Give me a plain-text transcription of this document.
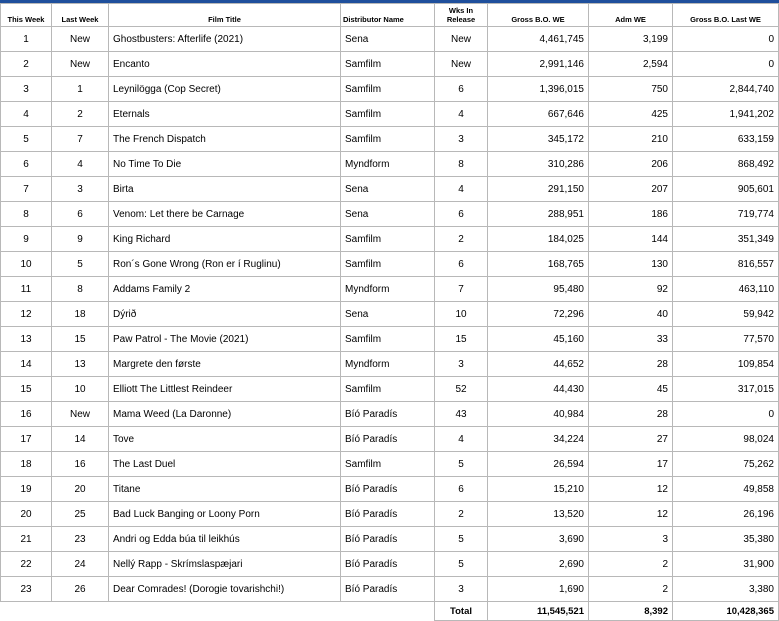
This Week	Last Week	Film Title	Distributor Name	Wks In Release	Gross B.O. WE	Adm WE	Gross B.O. Last WE
1	New	Ghostbusters: Afterlife (2021)	Sena	New	4,461,745	3,199	0
2	New	Encanto	Samfilm	New	2,991,146	2,594	0
3	1	Leynilögga (Cop Secret)	Samfilm	6	1,396,015	750	2,844,740
4	2	Eternals	Samfilm	4	667,646	425	1,941,202
5	7	The French Dispatch	Samfilm	3	345,172	210	633,159
6	4	No Time To Die	Myndform	8	310,286	206	868,492
7	3	Birta	Sena	4	291,150	207	905,601
8	6	Venom: Let there be Carnage	Sena	6	288,951	186	719,774
9	9	King Richard	Samfilm	2	184,025	144	351,349
10	5	Ron´s Gone Wrong (Ron er í Ruglinu)	Samfilm	6	168,765	130	816,557
11	8	Addams Family 2	Myndform	7	95,480	92	463,110
12	18	Dýrið	Sena	10	72,296	40	59,942
13	15	Paw Patrol - The Movie (2021)	Samfilm	15	45,160	33	77,570
14	13	Margrete den første	Myndform	3	44,652	28	109,854
15	10	Elliott The Littlest Reindeer	Samfilm	52	44,430	45	317,015
16	New	Mama Weed (La Daronne)	Bíó Paradís	43	40,984	28	0
17	14	Tove	Bíó Paradís	4	34,224	27	98,024
18	16	The Last Duel	Samfilm	5	26,594	17	75,262
19	20	Titane	Bíó Paradís	6	15,210	12	49,858
20	25	Bad Luck Banging or Loony Porn	Bíó Paradís	2	13,520	12	26,196
21	23	Andri og Edda búa til leikhús	Bíó Paradís	5	3,690	3	35,380
22	24	Nellý Rapp - Skrímslaspæjari	Bíó Paradís	5	2,690	2	31,900
23	26	Dear Comrades! (Dorogie tovarishchi!)	Bíó Paradís	3	1,690	2	3,380
				Total	11,545,521	8,392	10,428,365
